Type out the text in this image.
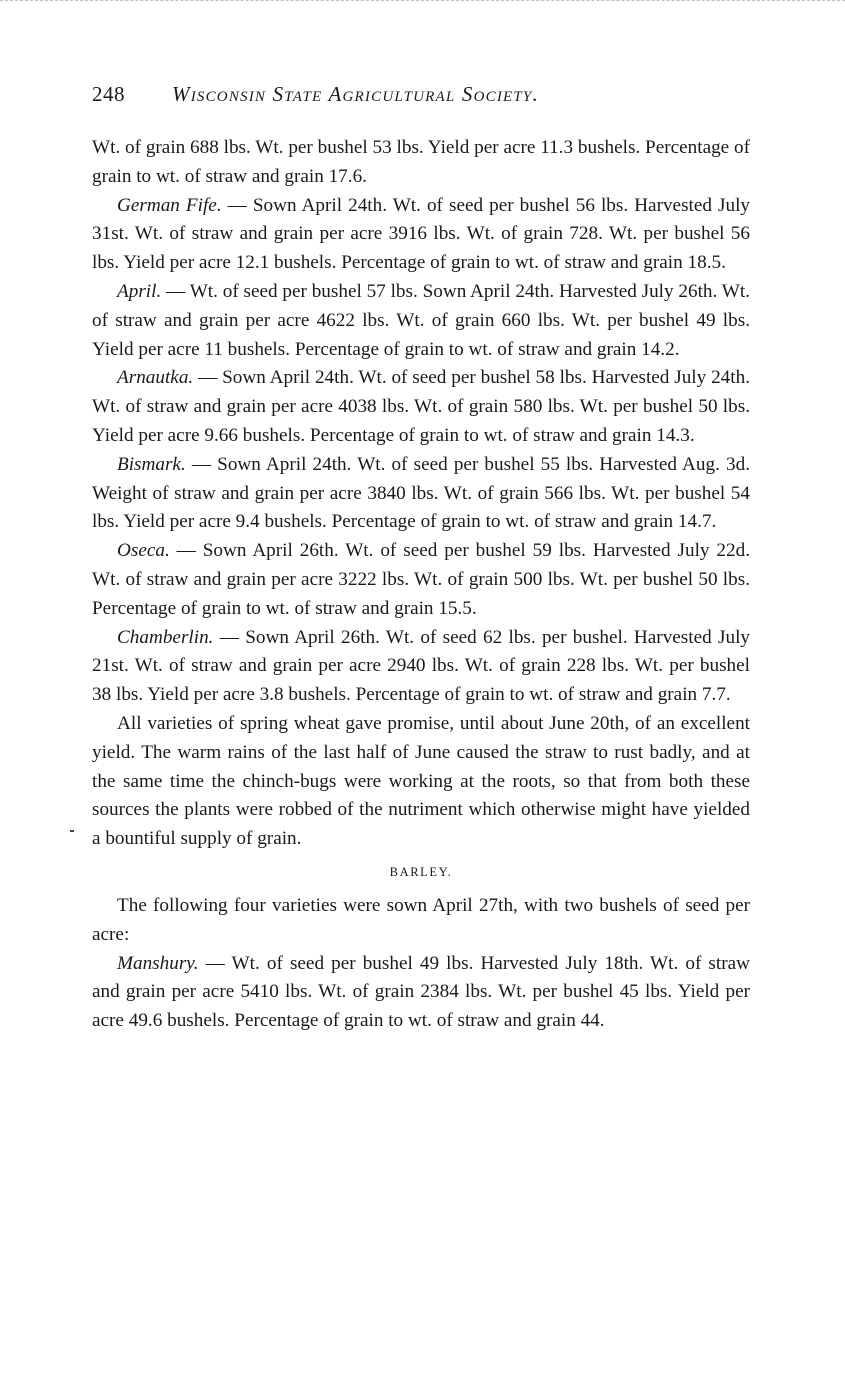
248	Wisconsin State Agricultural Society.

Wt. of grain 688 lbs. Wt. per bushel 53 lbs. Yield per acre 11.3 bushels. Percentage of grain to wt. of straw and grain 17.6.

German Fife. — Sown April 24th. Wt. of seed per bushel 56 lbs. Harvested July 31st. Wt. of straw and grain per acre 3916 lbs. Wt. of grain 728. Wt. per bushel 56 lbs. Yield per acre 12.1 bushels. Percentage of grain to wt. of straw and grain 18.5.

April. — Wt. of seed per bushel 57 lbs. Sown April 24th. Harvested July 26th. Wt. of straw and grain per acre 4622 lbs. Wt. of grain 660 lbs. Wt. per bushel 49 lbs. Yield per acre 11 bushels. Percentage of grain to wt. of straw and grain 14.2.

Arnautka. — Sown April 24th. Wt. of seed per bushel 58 lbs. Harvested July 24th. Wt. of straw and grain per acre 4038 lbs. Wt. of grain 580 lbs. Wt. per bushel 50 lbs. Yield per acre 9.66 bushels. Percentage of grain to wt. of straw and grain 14.3.

Bismark. — Sown April 24th. Wt. of seed per bushel 55 lbs. Harvested Aug. 3d. Weight of straw and grain per acre 3840 lbs. Wt. of grain 566 lbs. Wt. per bushel 54 lbs. Yield per acre 9.4 bushels. Percentage of grain to wt. of straw and grain 14.7.

Oseca. — Sown April 26th. Wt. of seed per bushel 59 lbs. Harvested July 22d. Wt. of straw and grain per acre 3222 lbs. Wt. of grain 500 lbs. Wt. per bushel 50 lbs. Percentage of grain to wt. of straw and grain 15.5.

Chamberlin. — Sown April 26th. Wt. of seed 62 lbs. per bushel. Harvested July 21st. Wt. of straw and grain per acre 2940 lbs. Wt. of grain 228 lbs. Wt. per bushel 38 lbs. Yield per acre 3.8 bushels. Percentage of grain to wt. of straw and grain 7.7.

All varieties of spring wheat gave promise, until about June 20th, of an excellent yield. The warm rains of the last half of June caused the straw to rust badly, and at the same time the chinch-bugs were working at the roots, so that from both these sources the plants were robbed of the nutriment which otherwise might have yielded a bountiful supply of grain.

BARLEY.

The following four varieties were sown April 27th, with two bushels of seed per acre:

Manshury. — Wt. of seed per bushel 49 lbs. Harvested July 18th. Wt. of straw and grain per acre 5410 lbs. Wt. of grain 2384 lbs. Wt. per bushel 45 lbs. Yield per acre 49.6 bushels. Percentage of grain to wt. of straw and grain 44.
